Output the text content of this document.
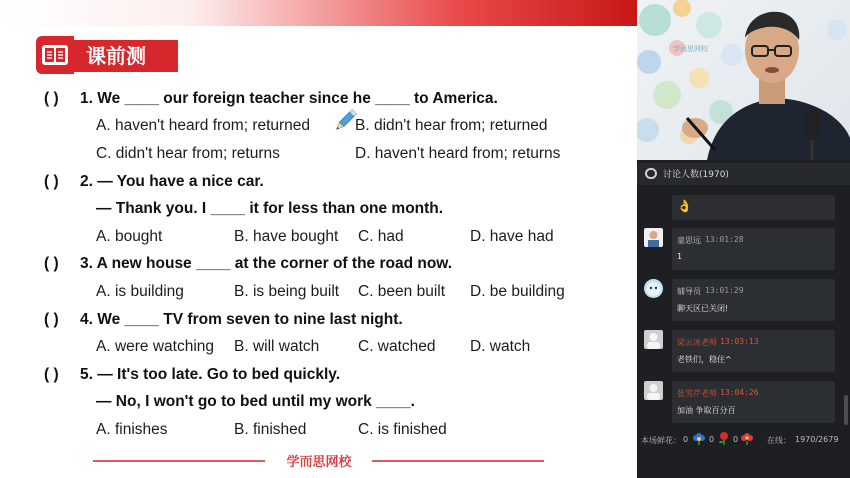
课前测
( ) 1. We ____ our foreign teacher since he ____ to America.
A. haven't heard from; returned	B. didn't hear from; returned
C. didn't hear from; returns	D. haven't heard from; returns
( ) 2. — You have a nice car.
— Thank you. I ____ it for less than one month.
A. bought	B. have bought C. had	D. have had
( ) 3. A new house ____ at the corner of the road now.
A. is building	B. is being built C. been built D. be building
( ) 4. We ____ TV from seven to nine last night.
A. were watching B. will watch C. watched D. watch
( ) 5. — It's too late. Go to bed quickly.
— No, I won't go to bed until my work ____.
A. finishes	B. finished	C. is finished
学而思网校
学而思网校
讨论人数(1970)
👌
童思远 13:01:28
1
辅导员 13:01:29
聊天区已关闭!
梁云冰老师 13:03:13
老铁们，稳住^
张雪芹老师 13:04:26
加油 争取百分百
本场鲜花： 0	0 0	在线： 1970/2679
